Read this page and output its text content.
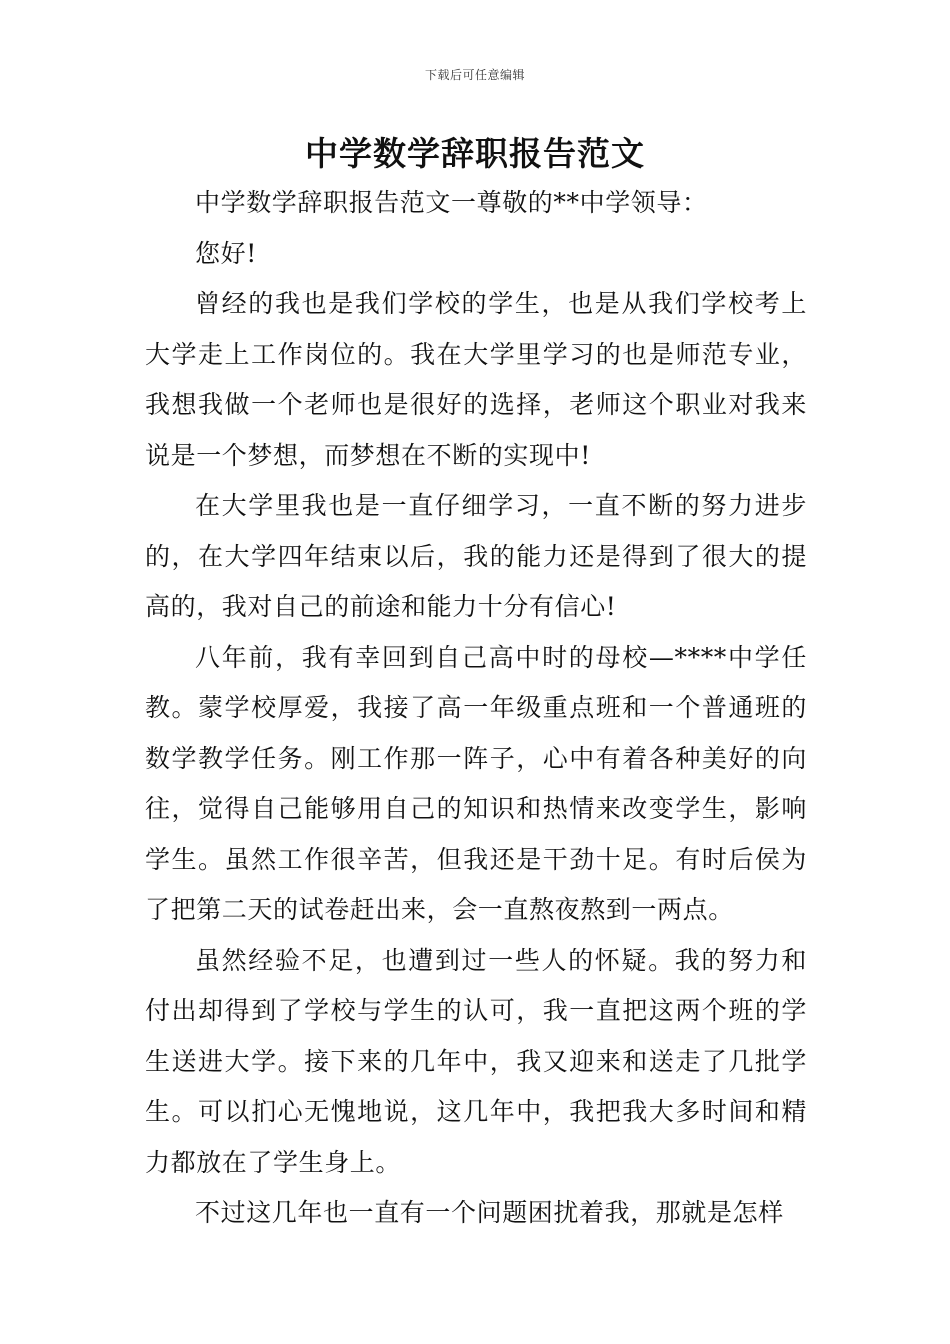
下载后可任意编辑
中学数学辞职报告范文

中学数学辞职报告范文一尊敬的**中学领导：

您好!

曾经的我也是我们学校的学生，也是从我们学校考上大学走上工作岗位的。我在大学里学习的也是师范专业，我想我做一个老师也是很好的选择，老师这个职业对我来说是一个梦想，而梦想在不断的实现中!

在大学里我也是一直仔细学习，一直不断的努力进步的，在大学四年结束以后，我的能力还是得到了很大的提高的，我对自己的前途和能力十分有信心!

八年前，我有幸回到自己高中时的母校—****中学任教。蒙学校厚爱，我接了高一年级重点班和一个普通班的数学教学任务。刚工作那一阵子，心中有着各种美好的向往，觉得自己能够用自己的知识和热情来改变学生，影响学生。虽然工作很辛苦，但我还是干劲十足。有时后侯为了把第二天的试卷赶出来，会一直熬夜熬到一两点。

虽然经验不足，也遭到过一些人的怀疑。我的努力和付出却得到了学校与学生的认可，我一直把这两个班的学生送进大学。接下来的几年中，我又迎来和送走了几批学生。可以扪心无愧地说，这几年中，我把我大多时间和精力都放在了学生身上。

不过这几年也一直有一个问题困扰着我，那就是怎样
